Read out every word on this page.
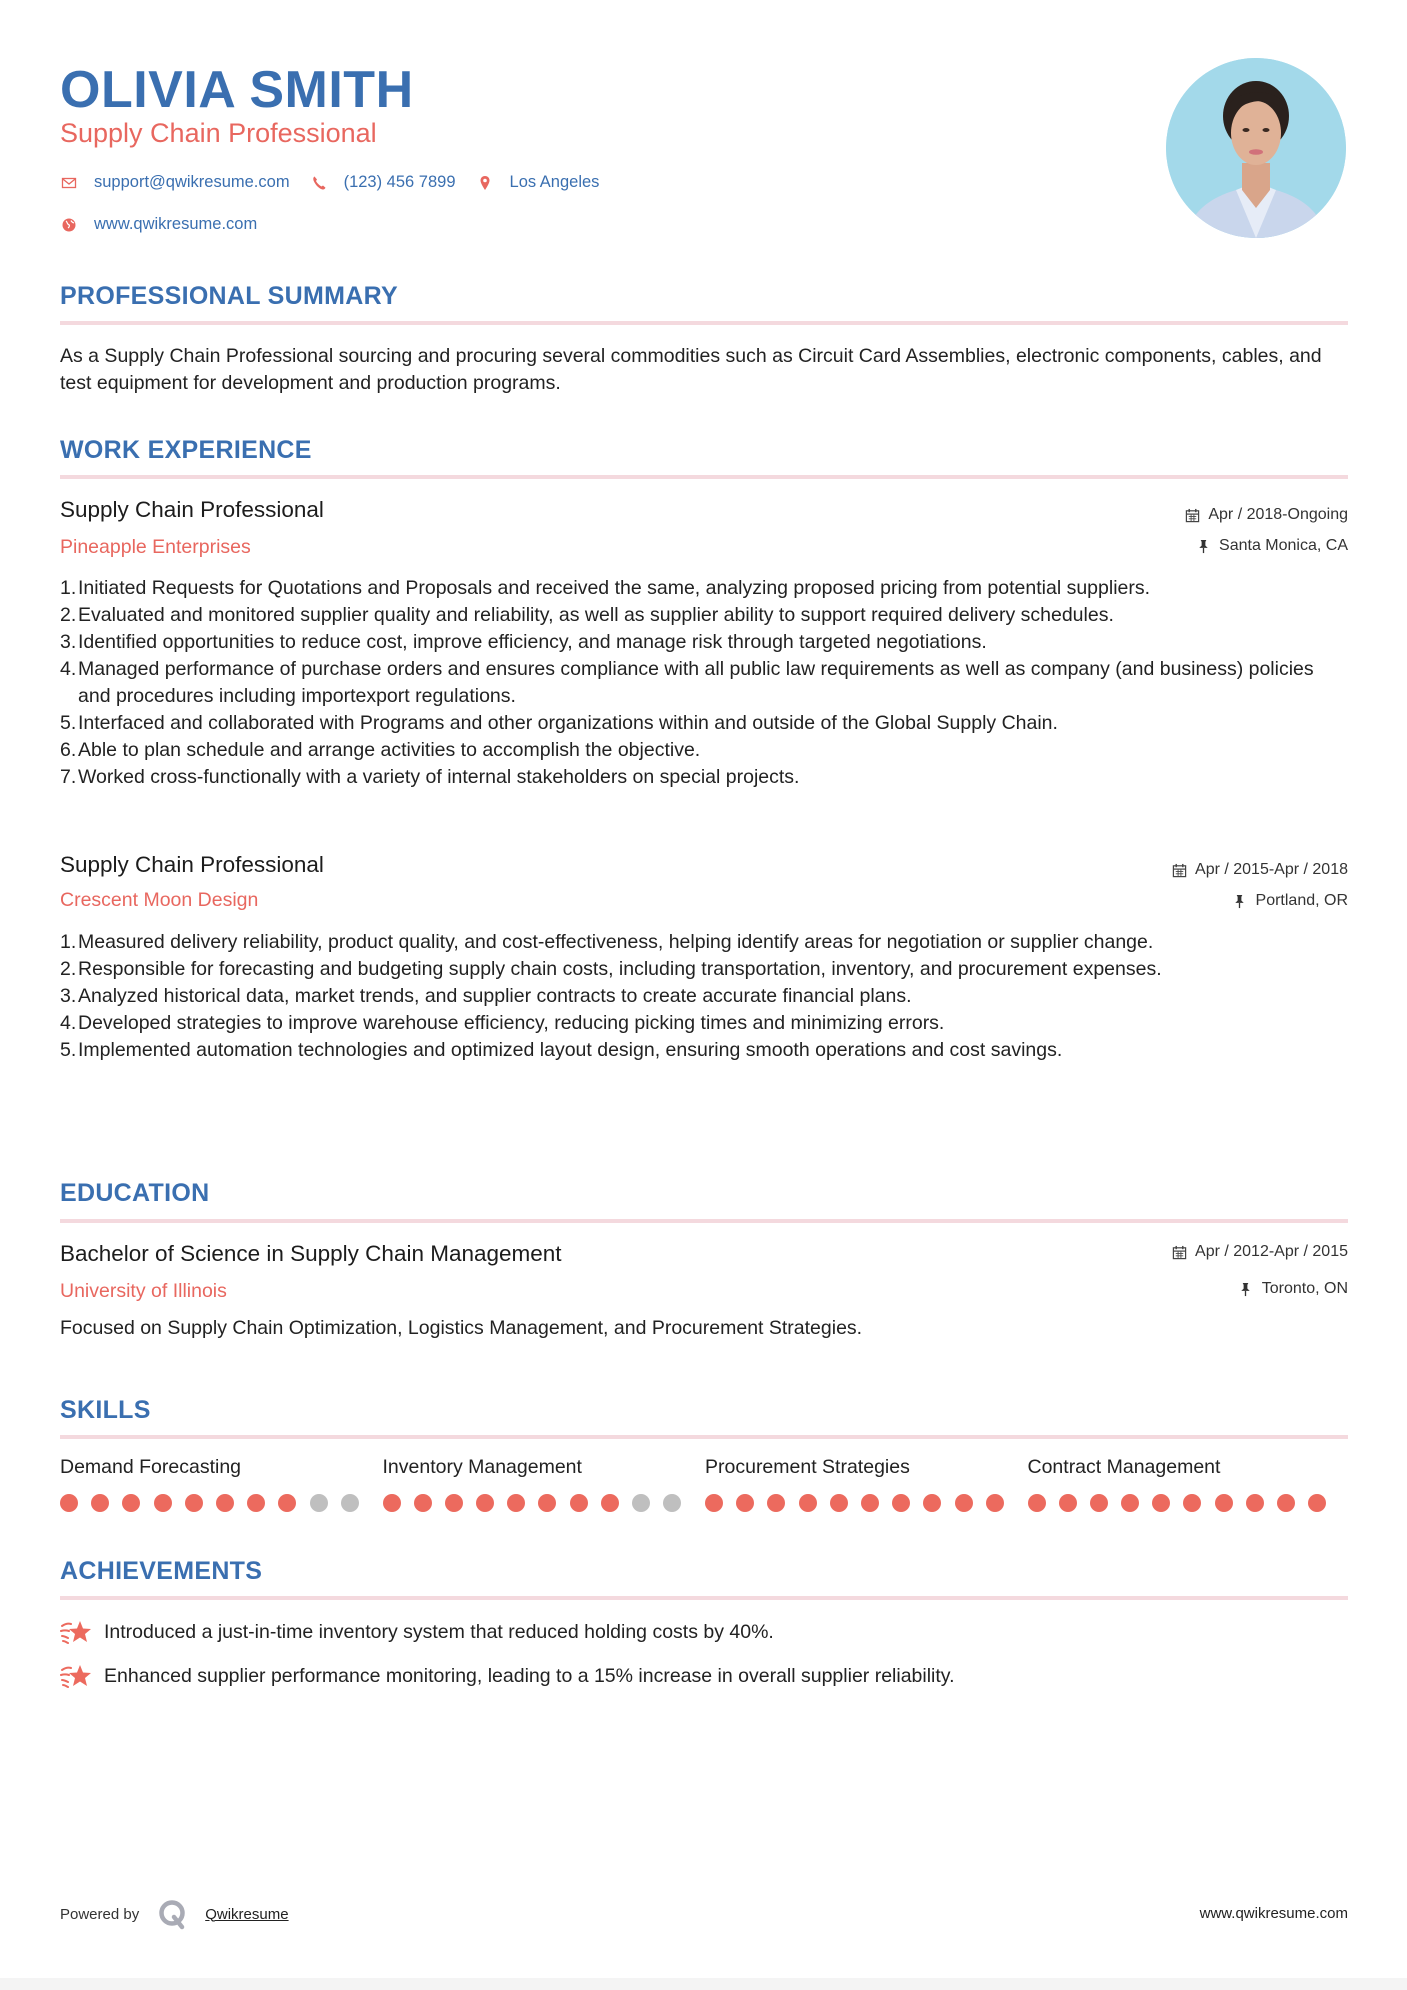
OLIVIA SMITH
Supply Chain Professional
support@qwikresume.com	(123) 456 7899	Los Angeles
www.qwikresume.com
PROFESSIONAL SUMMARY
As a Supply Chain Professional sourcing and procuring several commodities such as Circuit Card Assemblies, electronic components, cables, and test equipment for development and production programs.
WORK EXPERIENCE
Supply Chain Professional
Pineapple Enterprises
Apr / 2018-Ongoing
Santa Monica, CA
1. Initiated Requests for Quotations and Proposals and received the same, analyzing proposed pricing from potential suppliers.
2. Evaluated and monitored supplier quality and reliability, as well as supplier ability to support required delivery schedules.
3. Identified opportunities to reduce cost, improve efficiency, and manage risk through targeted negotiations.
4. Managed performance of purchase orders and ensures compliance with all public law requirements as well as company (and business) policies and procedures including importexport regulations.
5. Interfaced and collaborated with Programs and other organizations within and outside of the Global Supply Chain.
6. Able to plan schedule and arrange activities to accomplish the objective.
7. Worked cross-functionally with a variety of internal stakeholders on special projects.
Supply Chain Professional
Crescent Moon Design
Apr / 2015-Apr / 2018
Portland, OR
1. Measured delivery reliability, product quality, and cost-effectiveness, helping identify areas for negotiation or supplier change.
2. Responsible for forecasting and budgeting supply chain costs, including transportation, inventory, and procurement expenses.
3. Analyzed historical data, market trends, and supplier contracts to create accurate financial plans.
4. Developed strategies to improve warehouse efficiency, reducing picking times and minimizing errors.
5. Implemented automation technologies and optimized layout design, ensuring smooth operations and cost savings.
EDUCATION
Bachelor of Science in Supply Chain Management
University of Illinois
Apr / 2012-Apr / 2015
Toronto, ON
Focused on Supply Chain Optimization, Logistics Management, and Procurement Strategies.
SKILLS
Demand Forecasting	Inventory Management	Procurement Strategies	Contract Management
ACHIEVEMENTS
Introduced a just-in-time inventory system that reduced holding costs by 40%.
Enhanced supplier performance monitoring, leading to a 15% increase in overall supplier reliability.
Powered by	Qwikresume	www.qwikresume.com
